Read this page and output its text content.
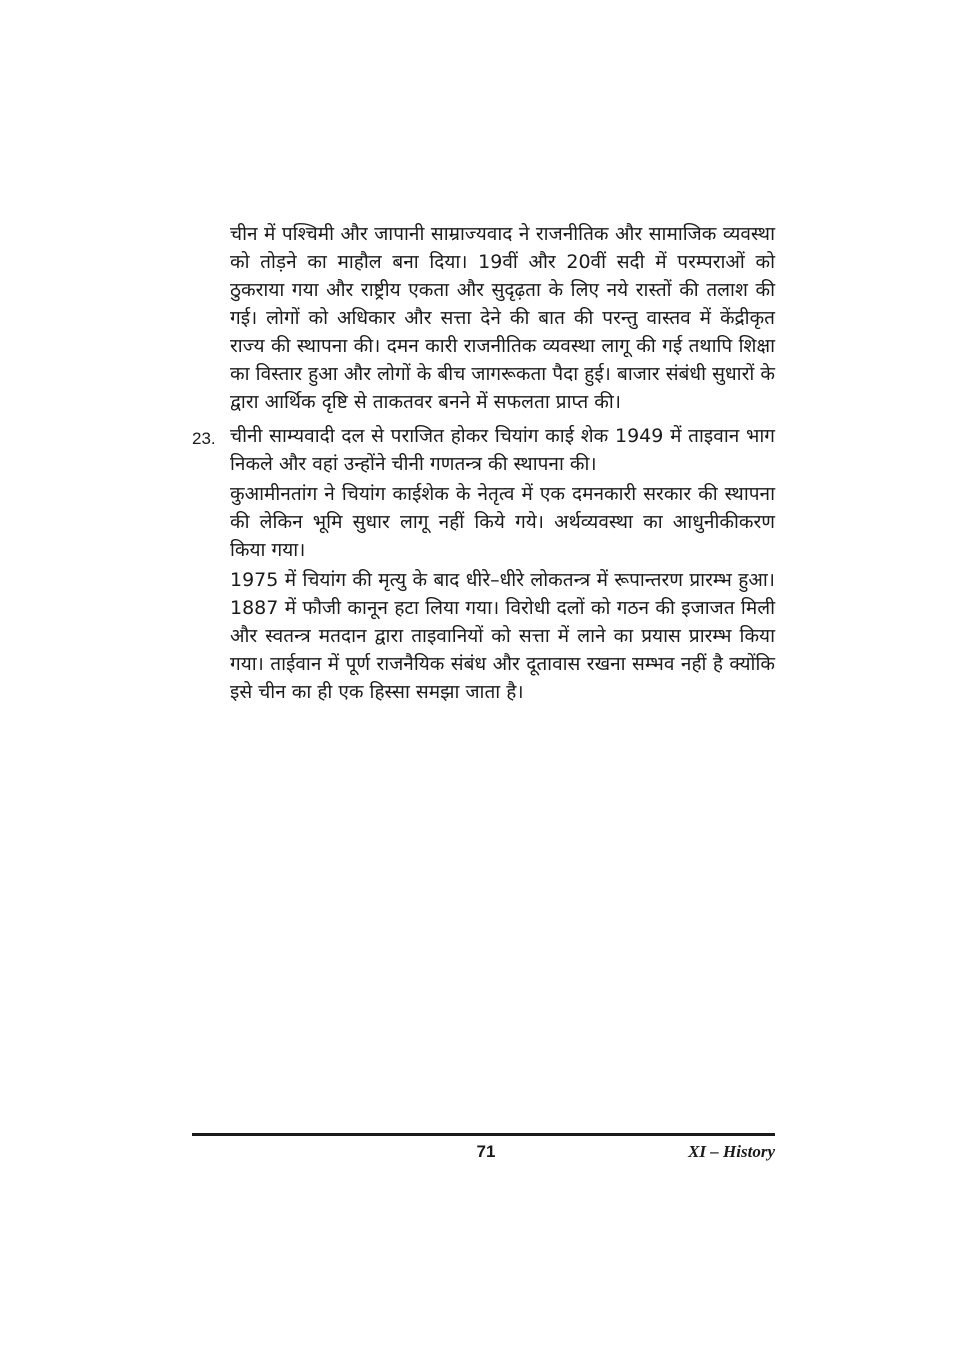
चीन में पश्चिमी और जापानी साम्राज्यवाद ने राजनीतिक और सामाजिक व्यवस्था को तोड़ने का माहौल बना दिया। 19वीं और 20वीं सदी में परम्पराओं को ठुकराया गया और राष्ट्रीय एकता और सुदृढ़ता के लिए नये रास्तों की तलाश की गई। लोगों को अधिकार और सत्ता देने की बात की परन्तु वास्तव में केंद्रीकृत राज्य की स्थापना की। दमन कारी राजनीतिक व्यवस्था लागू की गई तथापि शिक्षा का विस्तार हुआ और लोगों के बीच जागरूकता पैदा हुई। बाजार संबंधी सुधारों के द्वारा आर्थिक दृष्टि से ताकतवर बनने में सफलता प्राप्त की।

23. चीनी साम्यवादी दल से पराजित होकर चियांग काई शेक 1949 में ताइवान भाग निकले और वहां उन्होंने चीनी गणतन्त्र की स्थापना की।

कुआमीनतांग ने चियांग काईशेक के नेतृत्व में एक दमनकारी सरकार की स्थापना की लेकिन भूमि सुधार लागू नहीं किये गये। अर्थव्यवस्था का आधुनीकीकरण किया गया।

1975 में चियांग की मृत्यु के बाद धीरे–धीरे लोकतन्त्र में रूपान्तरण प्रारम्भ हुआ। 1887 में फौजी कानून हटा लिया गया। विरोधी दलों को गठन की इजाजत मिली और स्वतन्त्र मतदान द्वारा ताइवानियों को सत्ता में लाने का प्रयास प्रारम्भ किया गया। ताईवान में पूर्ण राजनैयिक संबंध और दूतावास रखना सम्भव नहीं है क्योंकि इसे चीन का ही एक हिस्सा समझा जाता है।

71	XI – History
